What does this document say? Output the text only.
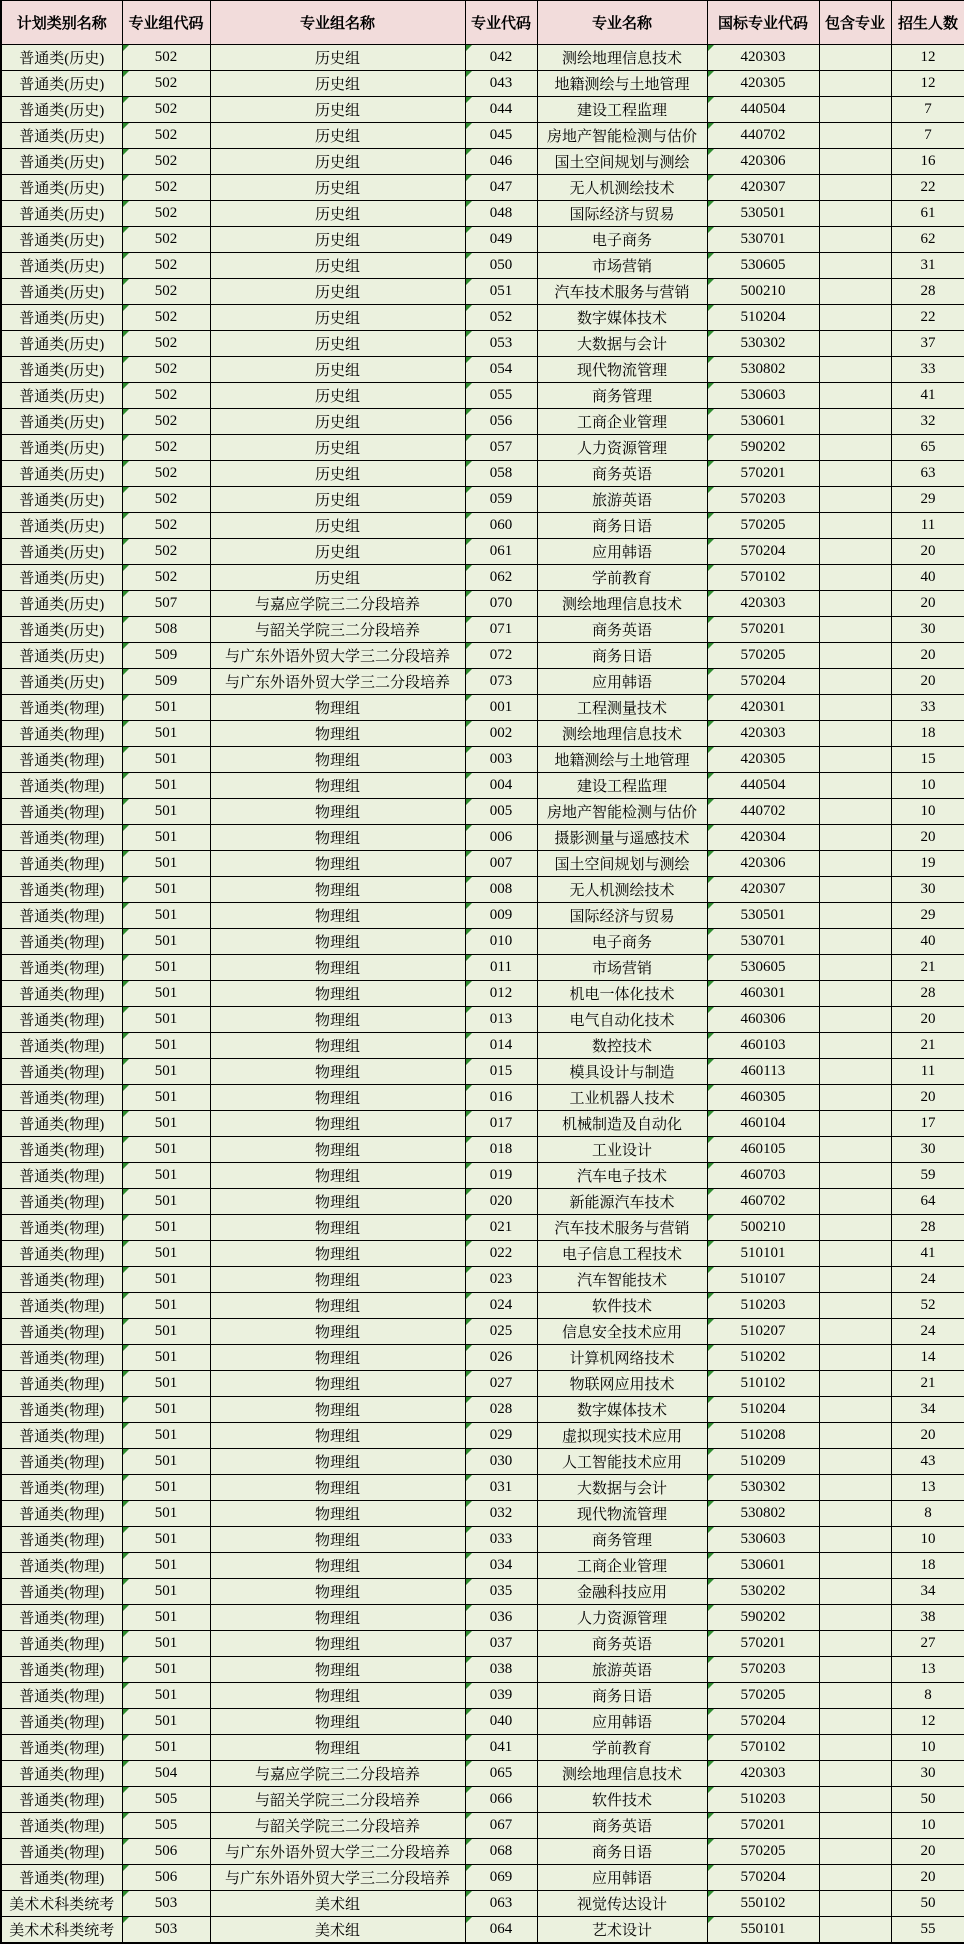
计划类别名称	专业组代码	专业组名称	专业代码	专业名称	国标专业代码	包含专业	招生人数
普通类(历史)	502	历史组	042	测绘地理信息技术	420303		12
普通类(历史)	502	历史组	043	地籍测绘与土地管理	420305		12
普通类(历史)	502	历史组	044	建设工程监理	440504		7
普通类(历史)	502	历史组	045	房地产智能检测与估价	440702		7
普通类(历史)	502	历史组	046	国土空间规划与测绘	420306		16
普通类(历史)	502	历史组	047	无人机测绘技术	420307		22
普通类(历史)	502	历史组	048	国际经济与贸易	530501		61
普通类(历史)	502	历史组	049	电子商务	530701		62
普通类(历史)	502	历史组	050	市场营销	530605		31
普通类(历史)	502	历史组	051	汽车技术服务与营销	500210		28
普通类(历史)	502	历史组	052	数字媒体技术	510204		22
普通类(历史)	502	历史组	053	大数据与会计	530302		37
普通类(历史)	502	历史组	054	现代物流管理	530802		33
普通类(历史)	502	历史组	055	商务管理	530603		41
普通类(历史)	502	历史组	056	工商企业管理	530601		32
普通类(历史)	502	历史组	057	人力资源管理	590202		65
普通类(历史)	502	历史组	058	商务英语	570201		63
普通类(历史)	502	历史组	059	旅游英语	570203		29
普通类(历史)	502	历史组	060	商务日语	570205		11
普通类(历史)	502	历史组	061	应用韩语	570204		20
普通类(历史)	502	历史组	062	学前教育	570102		40
普通类(历史)	507	与嘉应学院三二分段培养	070	测绘地理信息技术	420303		20
普通类(历史)	508	与韶关学院三二分段培养	071	商务英语	570201		30
普通类(历史)	509	与广东外语外贸大学三二分段培养	072	商务日语	570205		20
普通类(历史)	509	与广东外语外贸大学三二分段培养	073	应用韩语	570204		20
普通类(物理)	501	物理组	001	工程测量技术	420301		33
普通类(物理)	501	物理组	002	测绘地理信息技术	420303		18
普通类(物理)	501	物理组	003	地籍测绘与土地管理	420305		15
普通类(物理)	501	物理组	004	建设工程监理	440504		10
普通类(物理)	501	物理组	005	房地产智能检测与估价	440702		10
普通类(物理)	501	物理组	006	摄影测量与遥感技术	420304		20
普通类(物理)	501	物理组	007	国土空间规划与测绘	420306		19
普通类(物理)	501	物理组	008	无人机测绘技术	420307		30
普通类(物理)	501	物理组	009	国际经济与贸易	530501		29
普通类(物理)	501	物理组	010	电子商务	530701		40
普通类(物理)	501	物理组	011	市场营销	530605		21
普通类(物理)	501	物理组	012	机电一体化技术	460301		28
普通类(物理)	501	物理组	013	电气自动化技术	460306		20
普通类(物理)	501	物理组	014	数控技术	460103		21
普通类(物理)	501	物理组	015	模具设计与制造	460113		11
普通类(物理)	501	物理组	016	工业机器人技术	460305		20
普通类(物理)	501	物理组	017	机械制造及自动化	460104		17
普通类(物理)	501	物理组	018	工业设计	460105		30
普通类(物理)	501	物理组	019	汽车电子技术	460703		59
普通类(物理)	501	物理组	020	新能源汽车技术	460702		64
普通类(物理)	501	物理组	021	汽车技术服务与营销	500210		28
普通类(物理)	501	物理组	022	电子信息工程技术	510101		41
普通类(物理)	501	物理组	023	汽车智能技术	510107		24
普通类(物理)	501	物理组	024	软件技术	510203		52
普通类(物理)	501	物理组	025	信息安全技术应用	510207		24
普通类(物理)	501	物理组	026	计算机网络技术	510202		14
普通类(物理)	501	物理组	027	物联网应用技术	510102		21
普通类(物理)	501	物理组	028	数字媒体技术	510204		34
普通类(物理)	501	物理组	029	虚拟现实技术应用	510208		20
普通类(物理)	501	物理组	030	人工智能技术应用	510209		43
普通类(物理)	501	物理组	031	大数据与会计	530302		13
普通类(物理)	501	物理组	032	现代物流管理	530802		8
普通类(物理)	501	物理组	033	商务管理	530603		10
普通类(物理)	501	物理组	034	工商企业管理	530601		18
普通类(物理)	501	物理组	035	金融科技应用	530202		34
普通类(物理)	501	物理组	036	人力资源管理	590202		38
普通类(物理)	501	物理组	037	商务英语	570201		27
普通类(物理)	501	物理组	038	旅游英语	570203		13
普通类(物理)	501	物理组	039	商务日语	570205		8
普通类(物理)	501	物理组	040	应用韩语	570204		12
普通类(物理)	501	物理组	041	学前教育	570102		10
普通类(物理)	504	与嘉应学院三二分段培养	065	测绘地理信息技术	420303		30
普通类(物理)	505	与韶关学院三二分段培养	066	软件技术	510203		50
普通类(物理)	505	与韶关学院三二分段培养	067	商务英语	570201		10
普通类(物理)	506	与广东外语外贸大学三二分段培养	068	商务日语	570205		20
普通类(物理)	506	与广东外语外贸大学三二分段培养	069	应用韩语	570204		20
美术术科类统考	503	美术组	063	视觉传达设计	550102		50
美术术科类统考	503	美术组	064	艺术设计	550101		55
